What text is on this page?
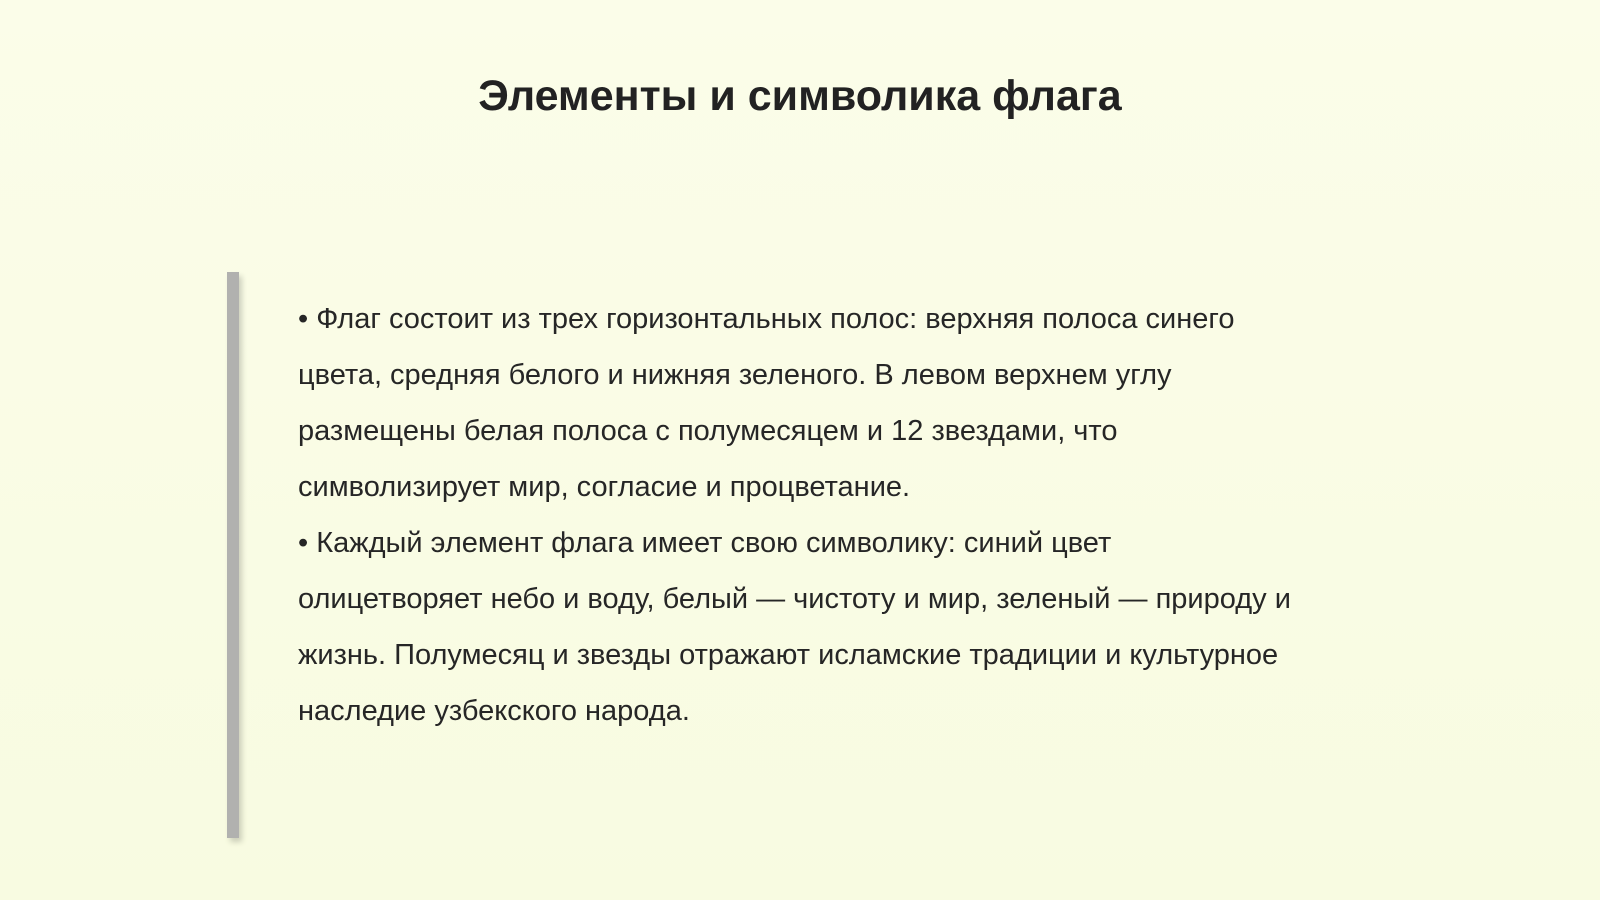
Элементы и символика флага

• Флаг состоит из трех горизонтальных полос: верхняя полоса синего цвета, средняя белого и нижняя зеленого. В левом верхнем углу размещены белая полоса с полумесяцем и 12 звездами, что символизирует мир, согласие и процветание.

• Каждый элемент флага имеет свою символику: синий цвет олицетворяет небо и воду, белый — чистоту и мир, зеленый — природу и жизнь. Полумесяц и звезды отражают исламские традиции и культурное наследие узбекского народа.
